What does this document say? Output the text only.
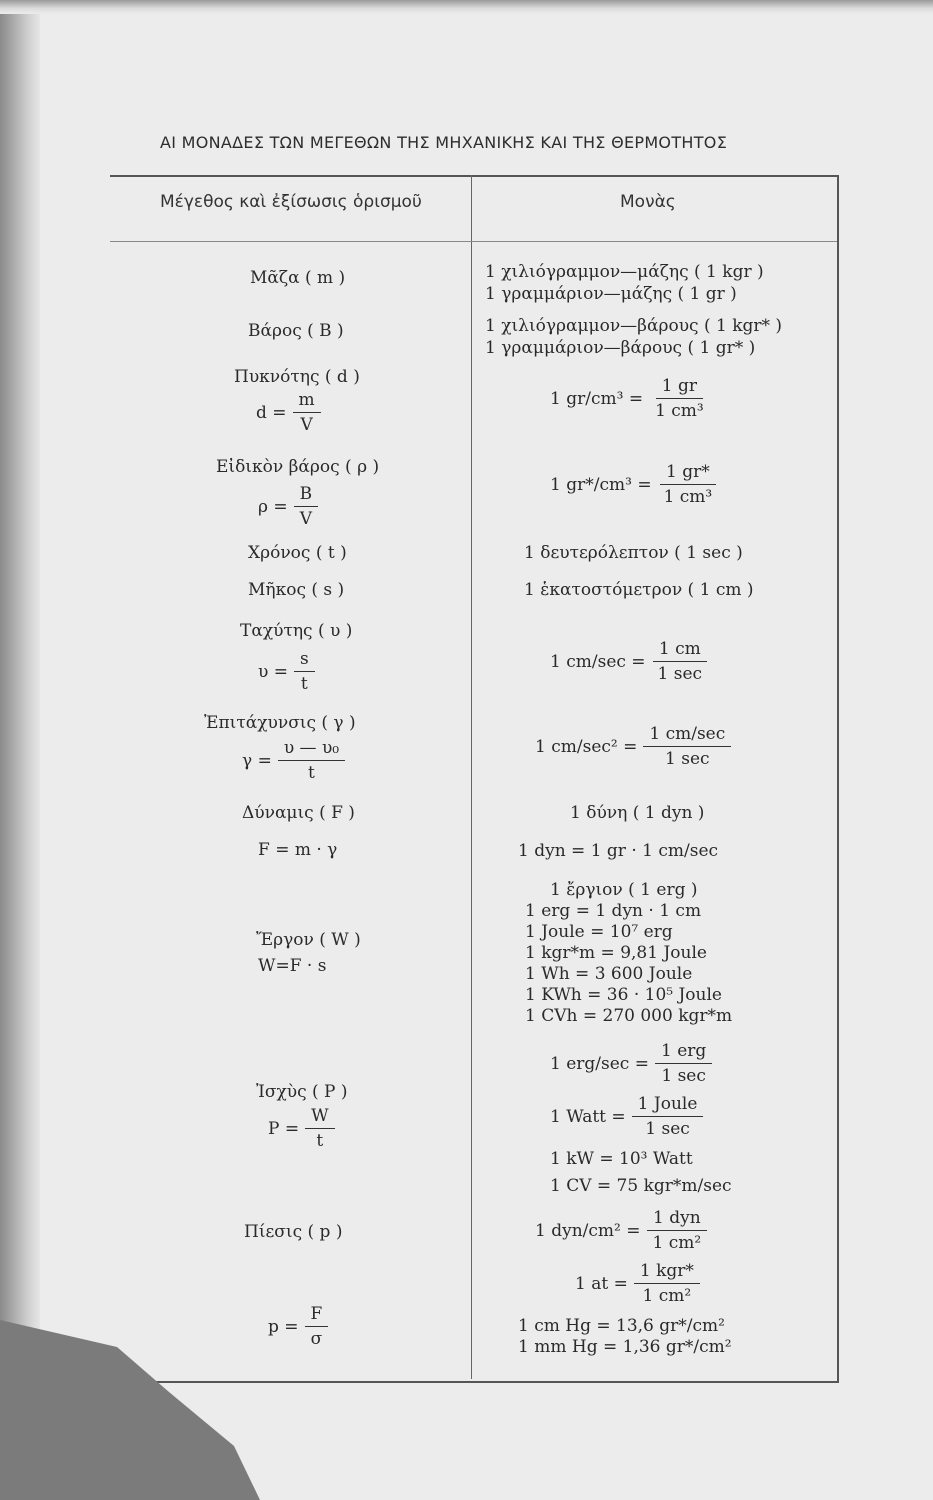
ΑΙ ΜΟΝΑΔΕΣ ΤΩΝ ΜΕΓΕΘΩΝ ΤΗΣ ΜΗΧΑΝΙΚΗΣ ΚΑΙ ΤΗΣ ΘΕΡΜΟΤΗΤΟΣ
Μέγεθος καὶ ἐξίσωσις ὁρισμοῦ	Μονὰς
Μᾶζα ( m )
Βάρος ( B )
Πυκνότης ( d )
$d = \frac{m}{V}$
Εἰδικὸν βάρος ( ρ )
$\rho = \frac{B}{V}$
Χρόνος ( t )
Μῆκος ( s )
Ταχύτης ( υ )
$\upsilon = \frac{s}{t}$
Ἐπιτάχυνσις ( γ )
$\gamma = \frac{\text{υ — υ₀}}{t}$
Δύναμις ( F )
F = m · γ
Ἔργον ( W )
W=F · s
Ἰσχὺς ( P )
$P = \frac{W}{t}$
Πίεσις ( p )
$p = \frac{F}{\sigma}$
1 χιλιόγραμμον—μάζης ( 1 kgr )
1 γραμμάριον—μάζης ( 1 gr )
1 χιλιόγραμμον—βάρους ( 1 kgr* )
1 γραμμάριον—βάρους ( 1 gr* )
1 $gr/cm^3 = \frac{1 gr}{\text{1 cm³}}$
1 $gr*/cm^3 = \frac{1 gr*}{\text{1 cm³}}$
1 δευτερόλεπτον ( 1 sec )
1 ἑκατοστόμετρον ( 1 cm )
1 $cm/\sec = \frac{1 cm}{1 \sec}$
1 $cm/\sec^2 = \frac{1 cm/\sec}{1 \sec}$
1 δύνη ( 1 dyn )
1 dyn = 1 gr · 1 cm/sec
1 ἔργιον ( 1 erg )
1 erg = 1 dyn · 1 cm
1 Joule = 10⁷ erg
1 kgr*m = 9,81 Joule
1 Wh = 3 600 Joule
1 KWh = 36 · 10⁵ Joule
1 CVh = 270 000 kgr*m
1 $erg/\sec = \frac{\text{1 erg}}{1 \sec}$
1 Watt = $\frac{\text{1 Joule}}{1 \sec}$
1 kW = 10³ Watt
1 CV = 75 kgr*m/sec
1 $dyn/cm^2 = \frac{\text{1 dyn}}{\text{1 cm²}}$
1 at = $\frac{\text{1 kgr*}}{\text{1 cm²}}$
1 cm Hg = 13,6 gr*/cm²
1 mm Hg = 1,36 gr*/cm²
